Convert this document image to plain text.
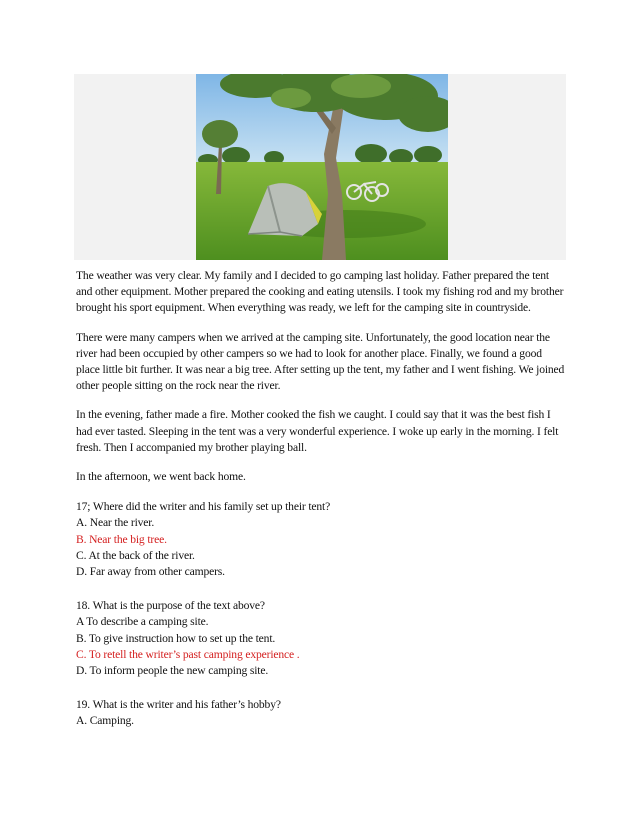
The weather was very clear. My family and I decided to go camping last holiday. Father prepared the tent and other equipment. Mother prepared the cooking and eating utensils. I took my fishing rod and my brother brought his sport equipment. When everything was ready, we left for the camping site in countryside.

There were many campers when we arrived at the camping site. Unfortunately, the good location near the river had been occupied by other campers so we had to look for another place. Finally, we found a good place little bit further. It was near a big tree. After setting up the tent, my father and I went fishing. We joined other people sitting on the rock near the river.

In the evening, father made a fire. Mother cooked the fish we caught. I could say that it was the best fish I had ever tasted. Sleeping in the tent was a very wonderful experience. I woke up early in the morning. I felt fresh. Then I accompanied my brother playing ball.

In the afternoon, we went back home.

17; Where did the writer and his family set up their tent?
A. Near the river.
B. Near the big tree.
C. At the back of the river.
D. Far away from other campers.
18. What is the purpose of the text above?
A To describe a camping site.
B. To give instruction how to set up the tent.
C. To retell the writer’s past camping experience .
D. To inform people the new camping site.
19. What is the writer and his father’s hobby?
A. Camping.
